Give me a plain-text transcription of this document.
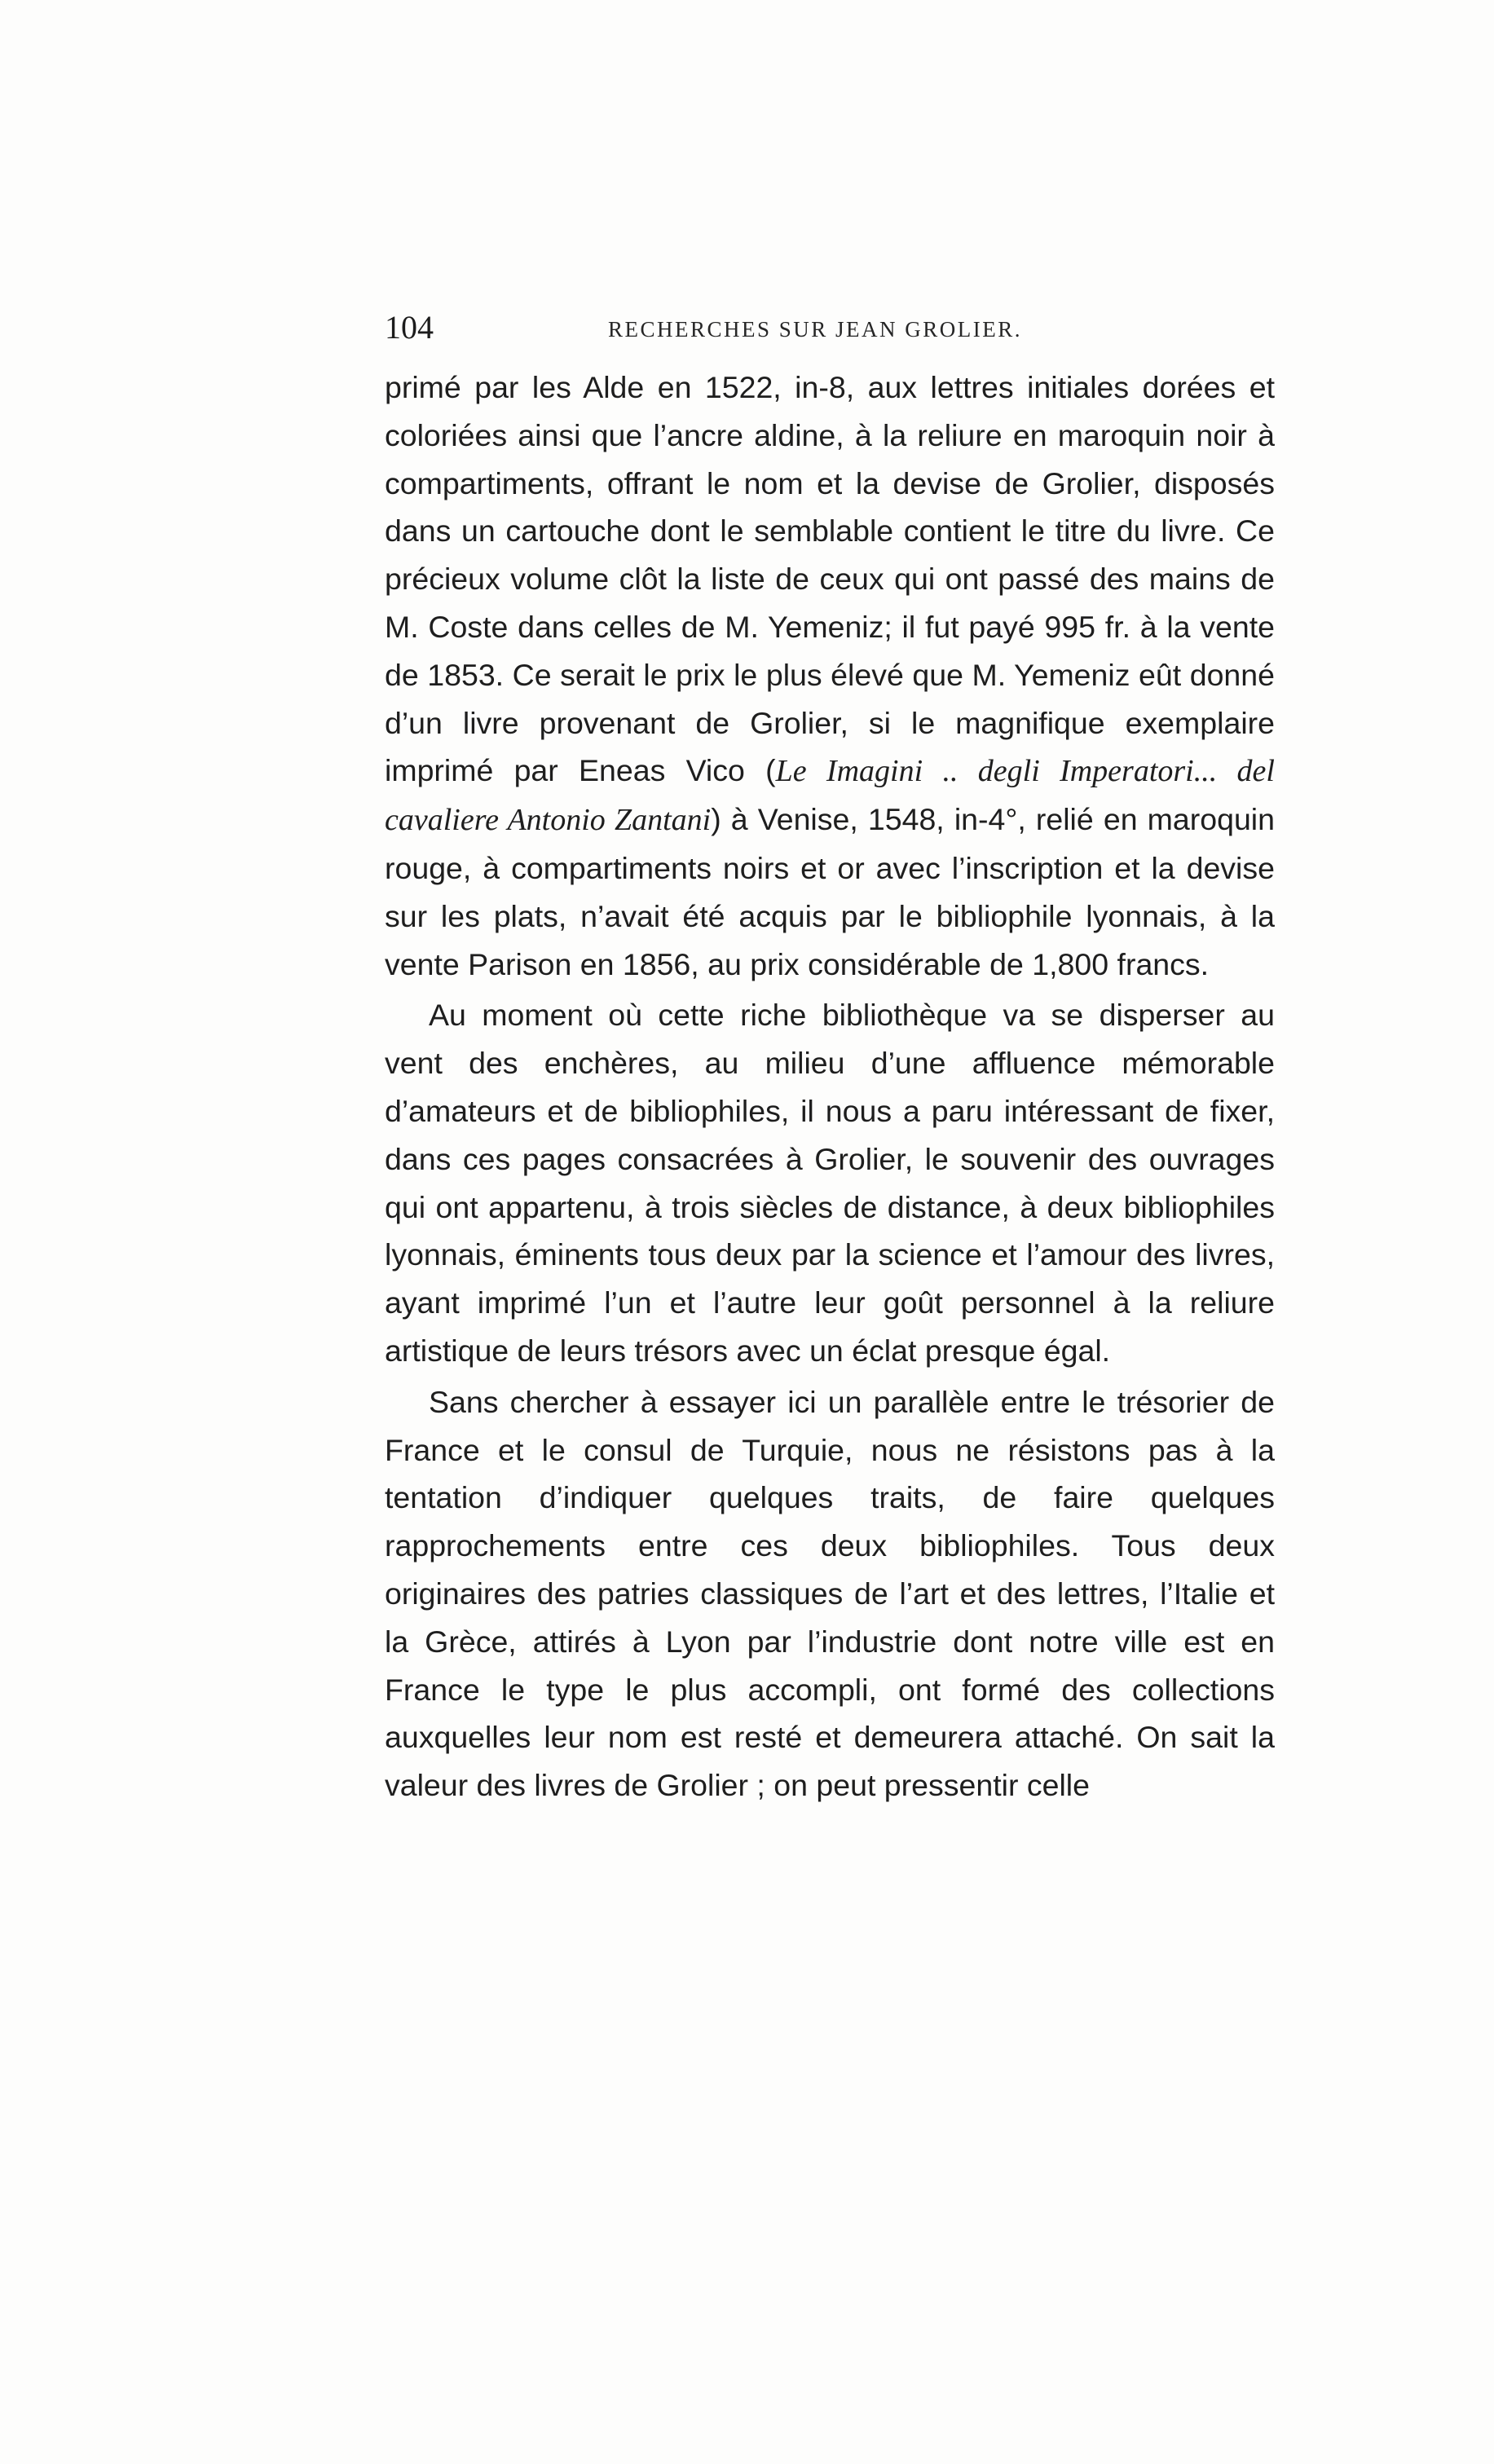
104	RECHERCHES SUR JEAN GROLIER.

primé par les Alde en 1522, in-8, aux lettres initiales dorées et coloriées ainsi que l’ancre aldine, à la reliure en maroquin noir à compartiments, offrant le nom et la devise de Grolier, disposés dans un cartouche dont le semblable contient le titre du livre. Ce précieux volume clôt la liste de ceux qui ont passé des mains de M. Coste dans celles de M. Yemeniz; il fut payé 995 fr. à la vente de 1853. Ce serait le prix le plus élevé que M. Yemeniz eût donné d’un livre provenant de Grolier, si le magnifique exemplaire imprimé par Eneas Vico (Le Imagini .. degli Imperatori... del cavaliere Antonio Zantani) à Venise, 1548, in-4°, relié en maroquin rouge, à compartiments noirs et or avec l’inscription et la devise sur les plats, n’avait été acquis par le bibliophile lyonnais, à la vente Parison en 1856, au prix considérable de 1,800 francs.

Au moment où cette riche bibliothèque va se disperser au vent des enchères, au milieu d’une affluence mémorable d’amateurs et de bibliophiles, il nous a paru intéressant de fixer, dans ces pages consacrées à Grolier, le souvenir des ouvrages qui ont appartenu, à trois siècles de distance, à deux bibliophiles lyonnais, éminents tous deux par la science et l’amour des livres, ayant imprimé l’un et l’autre leur goût personnel à la reliure artistique de leurs trésors avec un éclat presque égal.

Sans chercher à essayer ici un parallèle entre le trésorier de France et le consul de Turquie, nous ne résistons pas à la tentation d’indiquer quelques traits, de faire quelques rapprochements entre ces deux bibliophiles. Tous deux originaires des patries classiques de l’art et des lettres, l’Italie et la Grèce, attirés à Lyon par l’industrie dont notre ville est en France le type le plus accompli, ont formé des collections auxquelles leur nom est resté et demeurera attaché. On sait la valeur des livres de Grolier ; on peut pressentir celle
